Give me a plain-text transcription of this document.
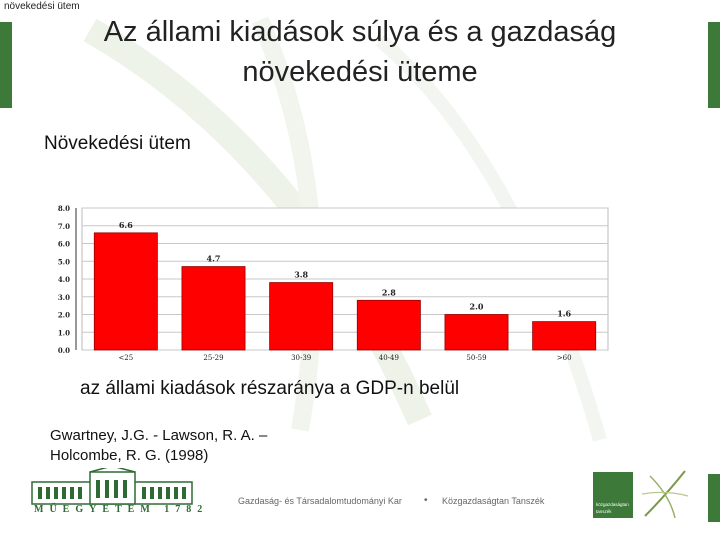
növekedési ütem
Az állami kiadások súlya és a gazdaság
növekedési üteme
Növekedési ütem
0.0
1.0
2.0
3.0
4.0
5.0
6.0
7.0
8.0
6.6
<25
4.7
25-29
3.8
30-39
2.8
40-49
2.0
50-59
1.6
>60
az állami kiadások részaránya a GDP-n belül
Gwartney, J.G. - Lawson, R. A. –
Holcombe, R. G. (1998)
MŰEGYETEM 1782
Gazdaság- és Társadalomtudományi Kar • Közgazdaságtan Tanszék	közgazdaságtan
tanszék
